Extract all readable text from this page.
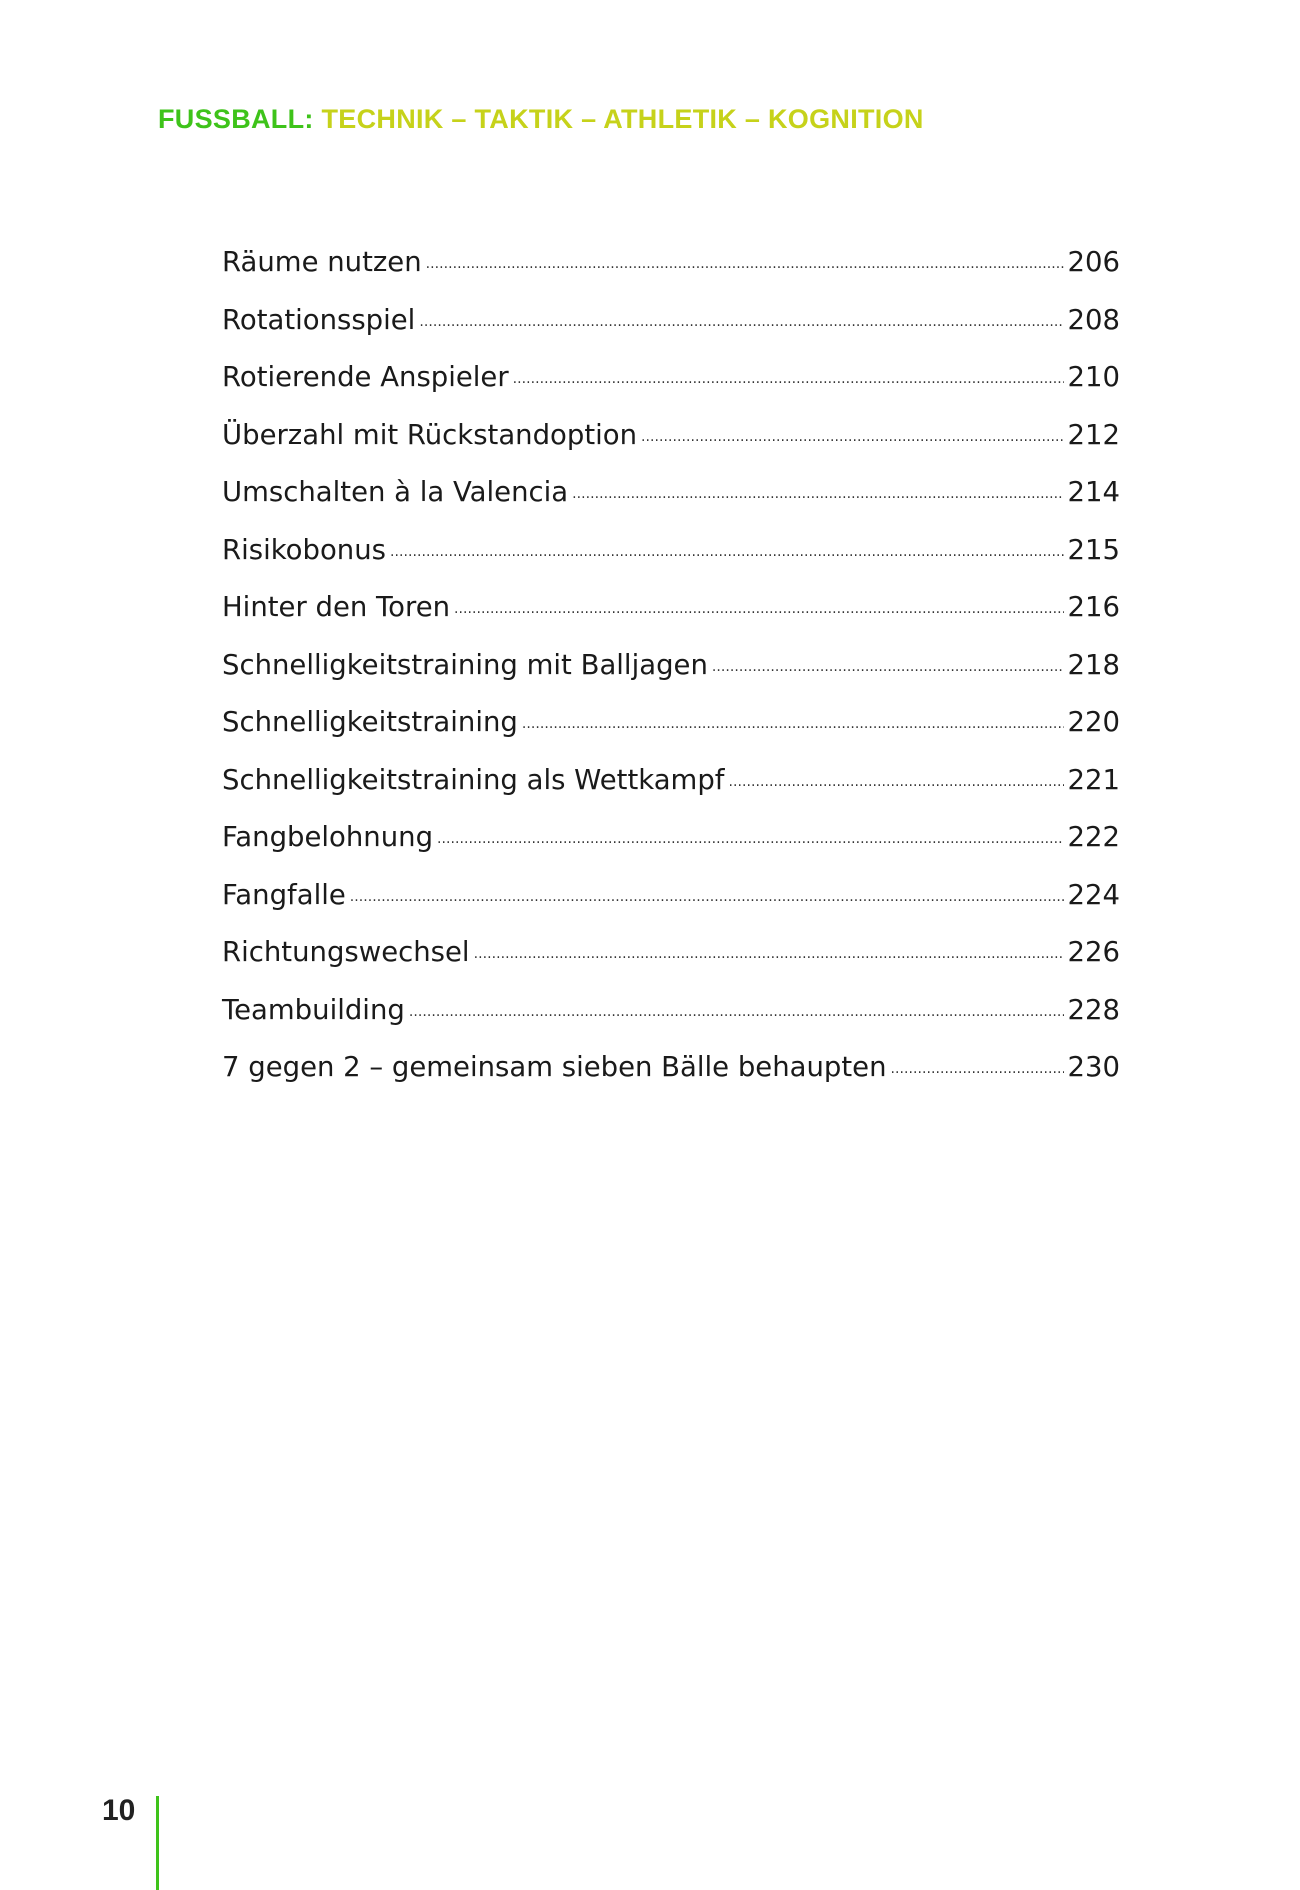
FUSSBALL: TECHNIK – TAKTIK – ATHLETIK – KOGNITION
Räume nutzen . . .	206
Rotationsspiel . . .	208
Rotierende Anspieler . . .	210
Überzahl mit Rückstandoption . . .	212
Umschalten à la Valencia . . .	214
Risikobonus . . .	215
Hinter den Toren . . .	216
Schnelligkeitstraining mit Balljagen . . .	218
Schnelligkeitstraining . . .	220
Schnelligkeitstraining als Wettkampf . . .	221
Fangbelohnung . . .	222
Fangfalle . . .	224
Richtungswechsel . . .	226
Teambuilding . . .	228
7 gegen 2 – gemeinsam sieben Bälle behaupten . . .	230
10
